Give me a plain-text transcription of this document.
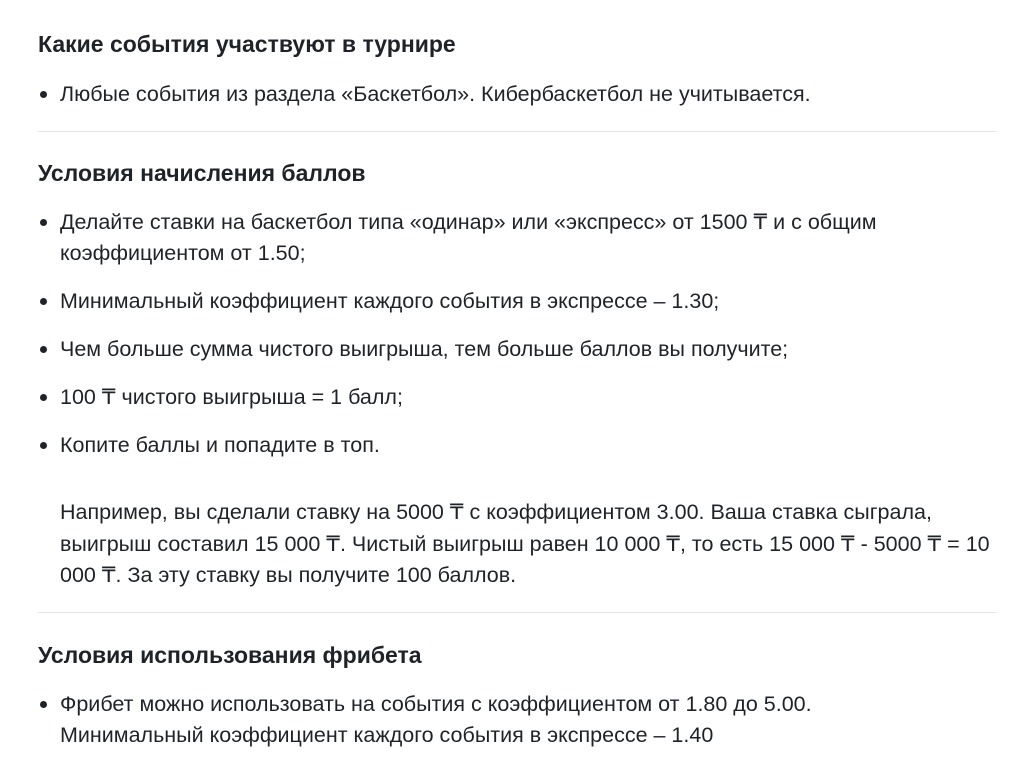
Какие события участвуют в турнире
Любые события из раздела «Баскетбол». Кибербаскетбол не учитывается.
Условия начисления баллов
Делайте ставки на баскетбол типа «одинар» или «экспресс» от 1500 ₸ и с общим коэффициентом от 1.50;
Минимальный коэффициент каждого события в экспрессе – 1.30;
Чем больше сумма чистого выигрыша, тем больше баллов вы получите;
100 ₸ чистого выигрыша = 1 балл;
Копите баллы и попадите в топ.

Например, вы сделали ставку на 5000 ₸ с коэффициентом 3.00. Ваша ставка сыграла, выигрыш составил 15 000 ₸. Чистый выигрыш равен 10 000 ₸, то есть 15 000 ₸ - 5000 ₸ = 10 000 ₸. За эту ставку вы получите 100 баллов.

Условия использования фрибета
Фрибет можно использовать на события с коэффициентом от 1.80 до 5.00. Минимальный коэффициент каждого события в экспрессе – 1.40
